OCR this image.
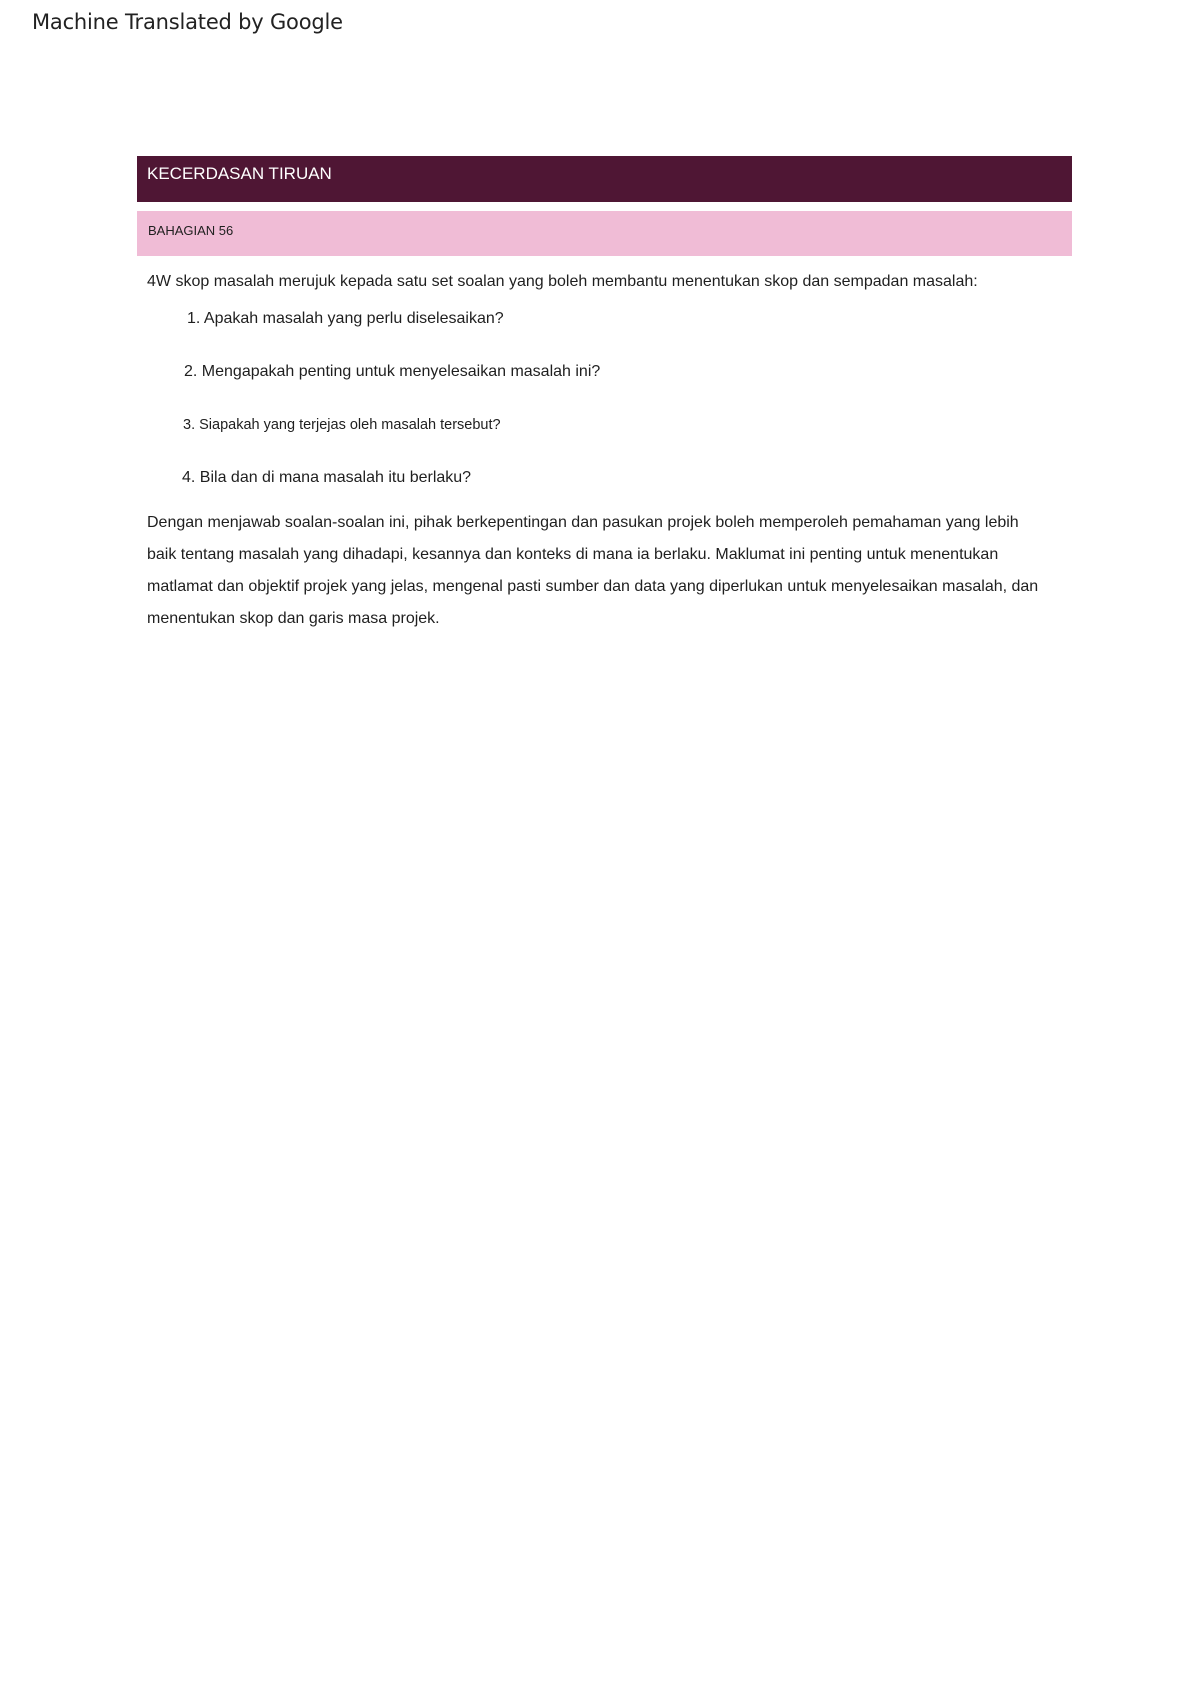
Machine Translated by Google
KECERDASAN TIRUAN
BAHAGIAN 56

4W skop masalah merujuk kepada satu set soalan yang boleh membantu menentukan skop dan sempadan masalah:

1. Apakah masalah yang perlu diselesaikan?
2. Mengapakah penting untuk menyelesaikan masalah ini?
3. Siapakah yang terjejas oleh masalah tersebut?
4. Bila dan di mana masalah itu berlaku?

Dengan menjawab soalan-soalan ini, pihak berkepentingan dan pasukan projek boleh memperoleh pemahaman yang lebih baik tentang masalah yang dihadapi, kesannya dan konteks di mana ia berlaku. Maklumat ini penting untuk menentukan matlamat dan objektif projek yang jelas, mengenal pasti sumber dan data yang diperlukan untuk menyelesaikan masalah, dan menentukan skop dan garis masa projek.
